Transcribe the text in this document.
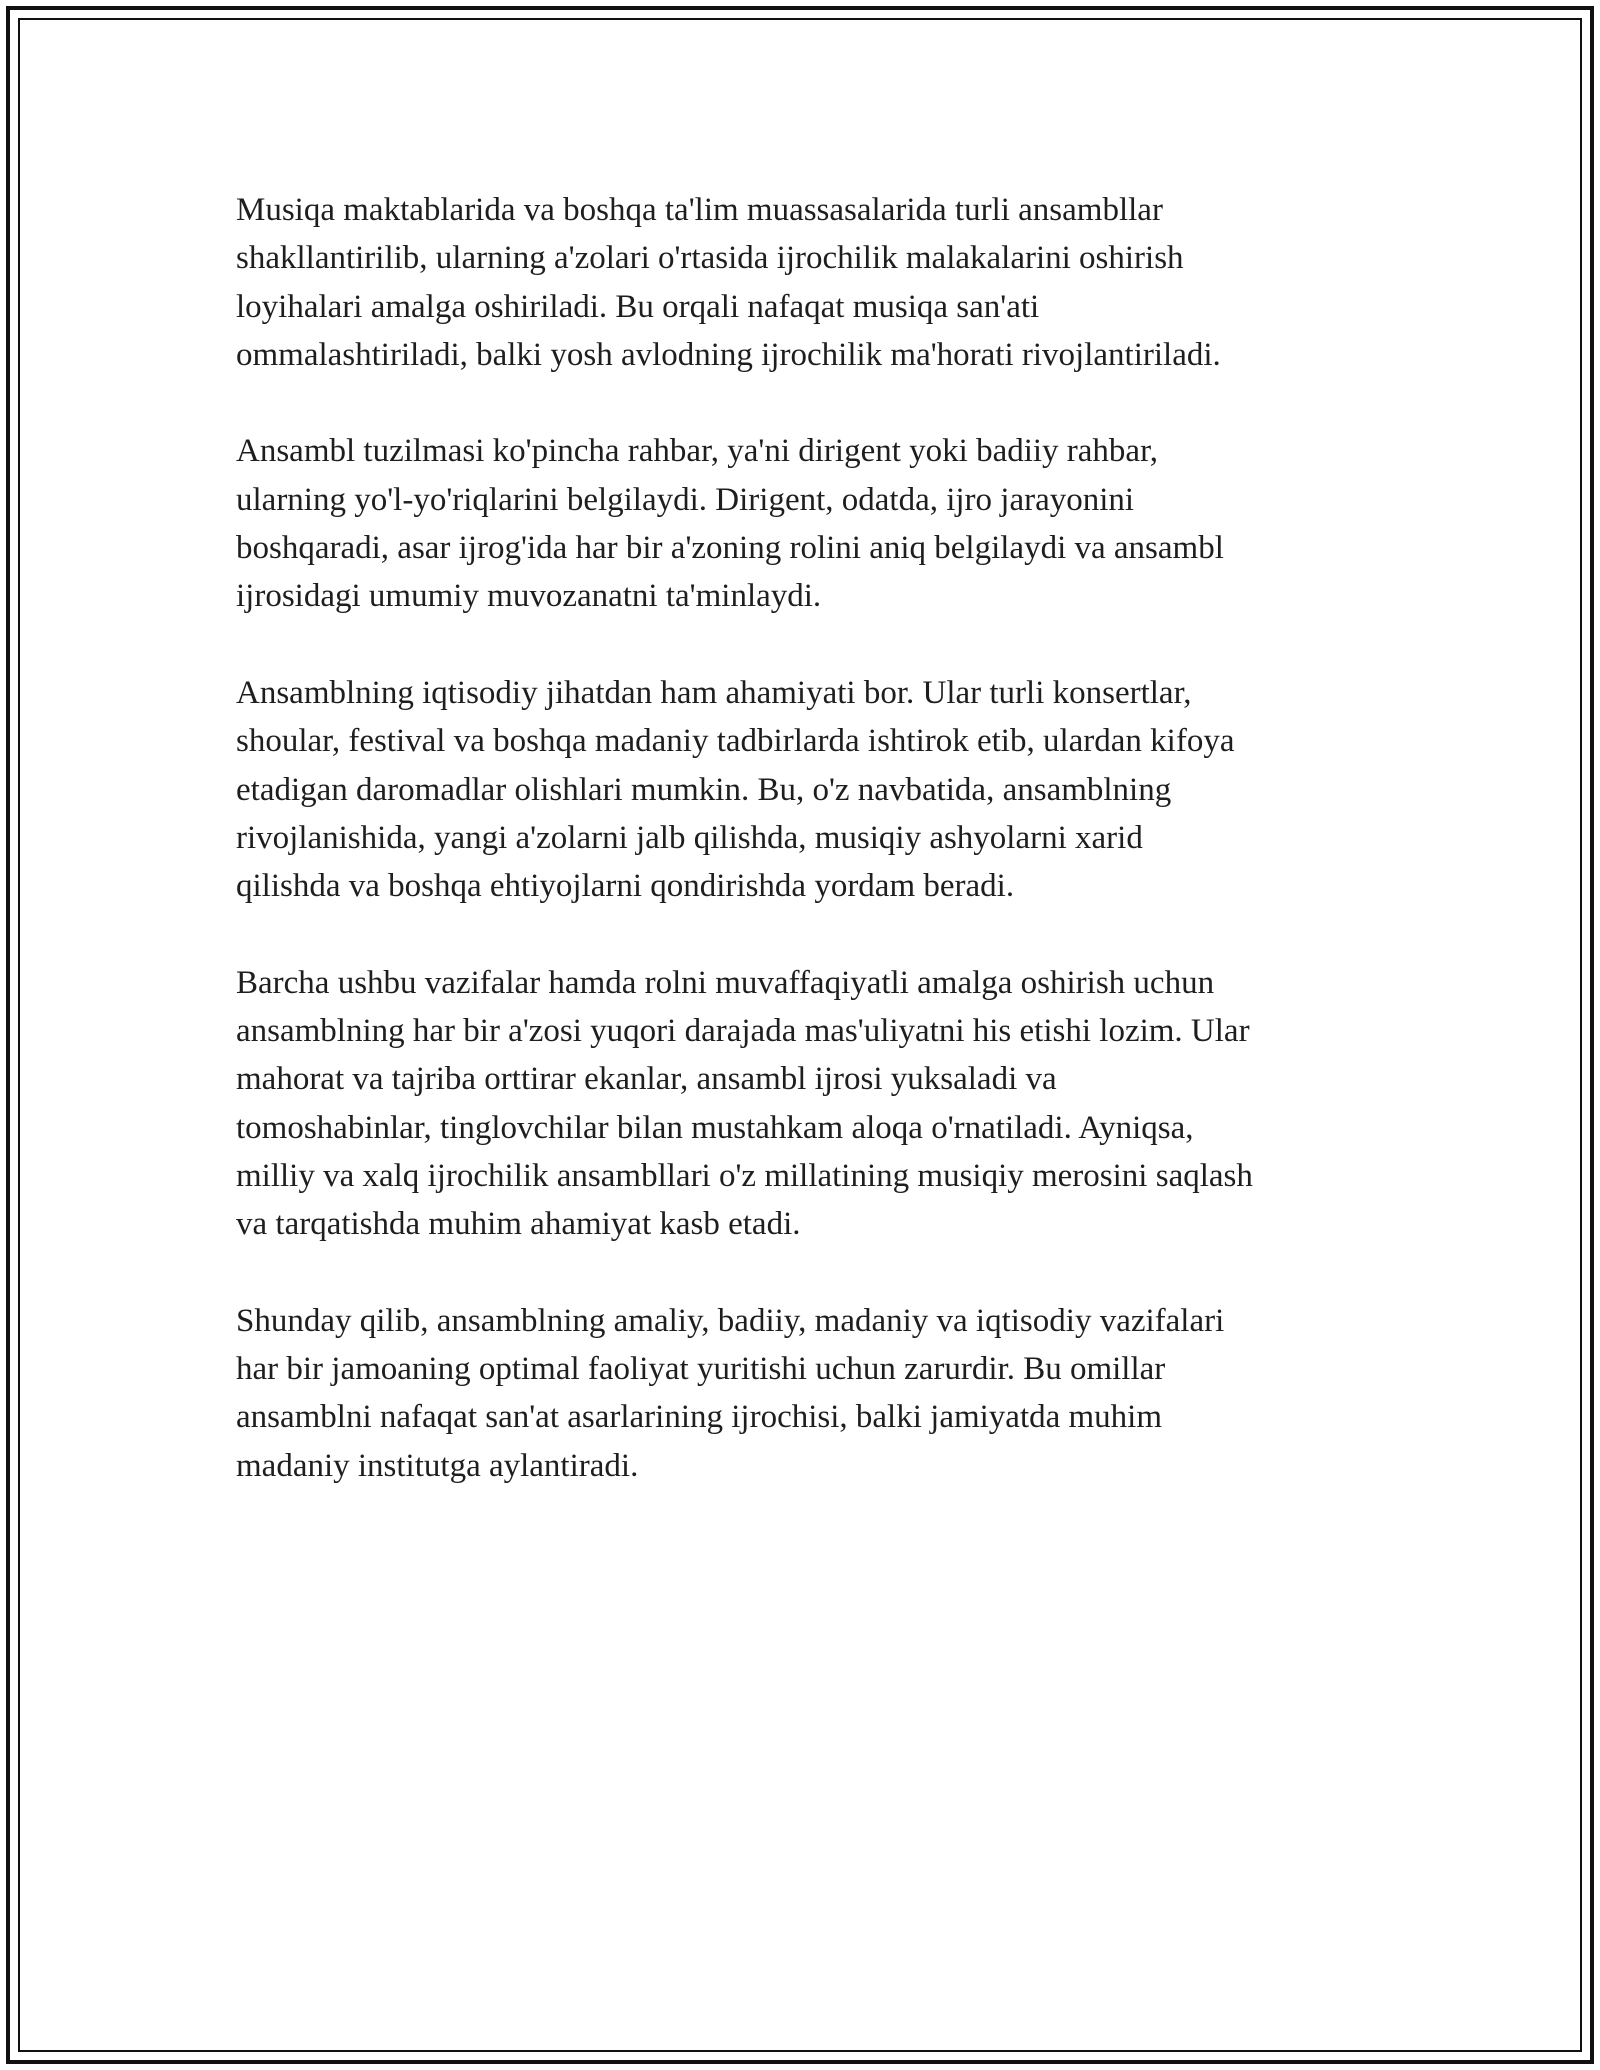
Musiqa maktablarida va boshqa ta'lim muassasalarida turli ansambllar
shakllantirilib, ularning a'zolari o'rtasida ijrochilik malakalarini oshirish
loyihalari amalga oshiriladi. Bu orqali nafaqat musiqa san'ati
ommalashtiriladi, balki yosh avlodning ijrochilik ma'horati rivojlantiriladi.

Ansambl tuzilmasi ko'pincha rahbar, ya'ni dirigent yoki badiiy rahbar,
ularning yo'l-yo'riqlarini belgilaydi. Dirigent, odatda, ijro jarayonini
boshqaradi, asar ijrog'ida har bir a'zoning rolini aniq belgilaydi va ansambl
ijrosidagi umumiy muvozanatni ta'minlaydi.

Ansamblning iqtisodiy jihatdan ham ahamiyati bor. Ular turli konsertlar,
shoular, festival va boshqa madaniy tadbirlarda ishtirok etib, ulardan kifoya
etadigan daromadlar olishlari mumkin. Bu, o'z navbatida, ansamblning
rivojlanishida, yangi a'zolarni jalb qilishda, musiqiy ashyolarni xarid
qilishda va boshqa ehtiyojlarni qondirishda yordam beradi.

Barcha ushbu vazifalar hamda rolni muvaffaqiyatli amalga oshirish uchun
ansamblning har bir a'zosi yuqori darajada mas'uliyatni his etishi lozim. Ular
mahorat va tajriba orttirar ekanlar, ansambl ijrosi yuksaladi va
tomoshabinlar, tinglovchilar bilan mustahkam aloqa o'rnatiladi. Ayniqsa,
milliy va xalq ijrochilik ansambllari o'z millatining musiqiy merosini saqlash
va tarqatishda muhim ahamiyat kasb etadi.

Shunday qilib, ansamblning amaliy, badiiy, madaniy va iqtisodiy vazifalari
har bir jamoaning optimal faoliyat yuritishi uchun zarurdir. Bu omillar
ansamblni nafaqat san'at asarlarining ijrochisi, balki jamiyatda muhim
madaniy institutga aylantiradi.
